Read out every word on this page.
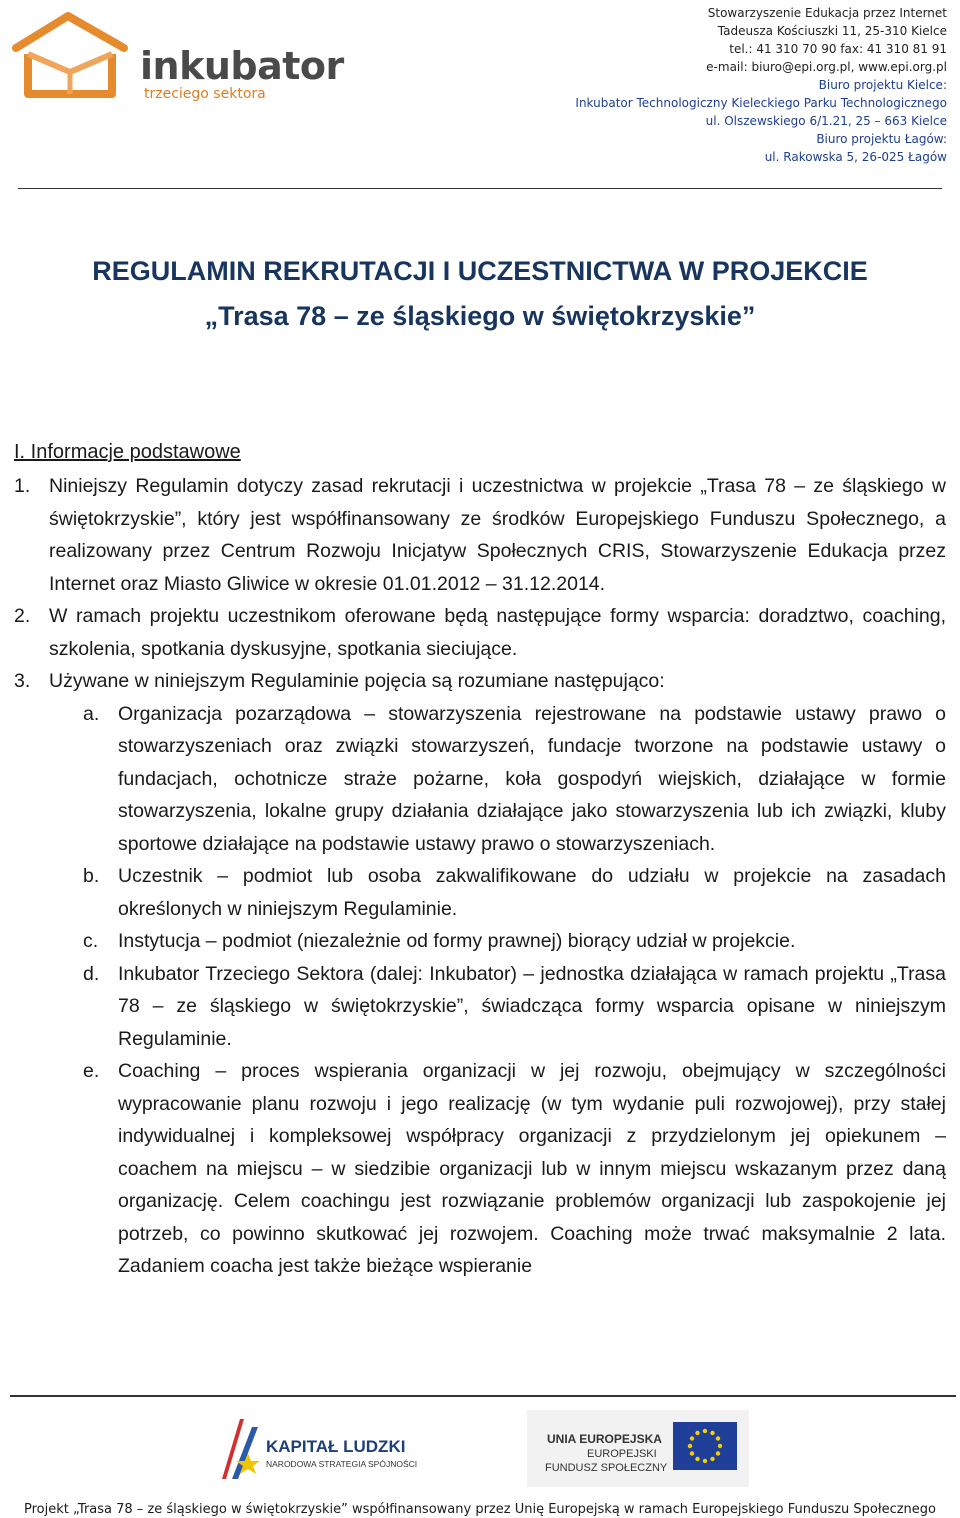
inkubator
trzeciego sektora
Stowarzyszenie Edukacja przez Internet
Tadeusza Kościuszki 11, 25-310 Kielce
tel.: 41 310 70 90 fax: 41 310 81 91
e-mail: biuro@epi.org.pl, www.epi.org.pl
Biuro projektu Kielce:
Inkubator Technologiczny Kieleckiego Parku Technologicznego
ul. Olszewskiego 6/1.21, 25 – 663 Kielce
Biuro projektu Łagów:
ul. Rakowska 5, 26-025 Łagów
REGULAMIN REKRUTACJI I UCZESTNICTWA W PROJEKCIE
„Trasa 78 – ze śląskiego w świętokrzyskie”
I. Informacje podstawowe

1. Niniejszy Regulamin dotyczy zasad rekrutacji i uczestnictwa w projekcie „Trasa 78 – ze śląskiego w świętokrzyskie”, który jest współfinansowany ze środków Europejskiego Funduszu Społecznego, a realizowany przez Centrum Rozwoju Inicjatyw Społecznych CRIS, Stowarzyszenie Edukacja przez Internet oraz Miasto Gliwice w okresie 01.01.2012 – 31.12.2014.

2. W ramach projektu uczestnikom oferowane będą następujące formy wsparcia: doradztwo, coaching, szkolenia, spotkania dyskusyjne, spotkania sieciujące.

3. Używane w niniejszym Regulaminie pojęcia są rozumiane następująco:

a. Organizacja pozarządowa – stowarzyszenia rejestrowane na podstawie ustawy prawo o stowarzyszeniach oraz związki stowarzyszeń, fundacje tworzone na podstawie ustawy o fundacjach, ochotnicze straże pożarne, koła gospodyń wiejskich, działające w formie stowarzyszenia, lokalne grupy działania działające jako stowarzyszenia lub ich związki, kluby sportowe działające na podstawie ustawy prawo o stowarzyszeniach.

b. Uczestnik – podmiot lub osoba zakwalifikowane do udziału w projekcie na zasadach określonych w niniejszym Regulaminie.

c. Instytucja – podmiot (niezależnie od formy prawnej) biorący udział w projekcie.

d. Inkubator Trzeciego Sektora (dalej: Inkubator) – jednostka działająca w ramach projektu „Trasa 78 – ze śląskiego w świętokrzyskie”, świadcząca formy wsparcia opisane w niniejszym Regulaminie.

e. Coaching – proces wspierania organizacji w jej rozwoju, obejmujący w szczególności wypracowanie planu rozwoju i jego realizację (w tym wydanie puli rozwojowej), przy stałej indywidualnej i kompleksowej współpracy organizacji z przydzielonym jej opiekunem – coachem na miejscu – w siedzibie organizacji lub w innym miejscu wskazanym przez daną organizację. Celem coachingu jest rozwiązanie problemów organizacji lub zaspokojenie jej potrzeb, co powinno skutkować jej rozwojem. Coaching może trwać maksymalnie 2 lata. Zadaniem coacha jest także bieżące wspieranie

KAPITAŁ LUDZKI
NARODOWA STRATEGIA SPÓJNOŚCI
UNIA EUROPEJSKA
EUROPEJSKI
FUNDUSZ SPOŁECZNY
Projekt „Trasa 78 – ze śląskiego w świętokrzyskie” współfinansowany przez Unię Europejską w ramach Europejskiego Funduszu Społecznego
